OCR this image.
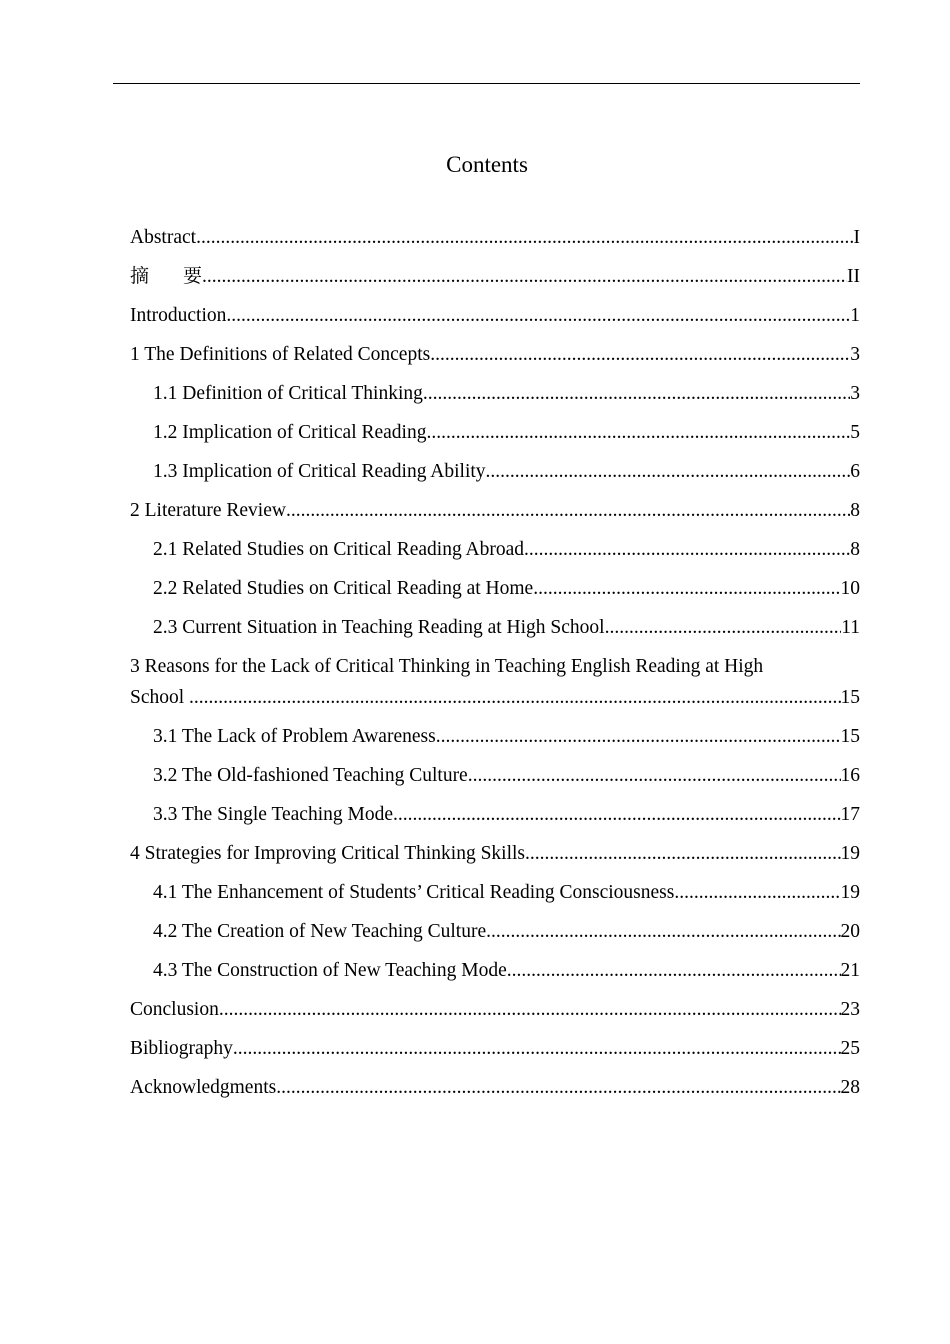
Contents
Abstract .....	I
摘 要 .....	II
Introduction .....	1
1 The Definitions of Related Concepts .....	3
1.1 Definition of Critical Thinking .....	3
1.2 Implication of Critical Reading .....	5
1.3 Implication of Critical Reading Ability .....	6
2 Literature Review .....	8
2.1 Related Studies on Critical Reading Abroad .....	8
2.2 Related Studies on Critical Reading at Home .....	10
2.3 Current Situation in Teaching Reading at High School .....	11
3 Reasons for the Lack of Critical Thinking in Teaching English Reading at High
School .....	15
3.1 The Lack of Problem Awareness .....	15
3.2 The Old-fashioned Teaching Culture .....	16
3.3 The Single Teaching Mode .....	17
4 Strategies for Improving Critical Thinking Skills .....	19
4.1 The Enhancement of Students’ Critical Reading Consciousness .....	19
4.2 The Creation of New Teaching Culture .....	20
4.3 The Construction of New Teaching Mode .....	21
Conclusion .....	23
Bibliography .....	25
Acknowledgments .....	28
